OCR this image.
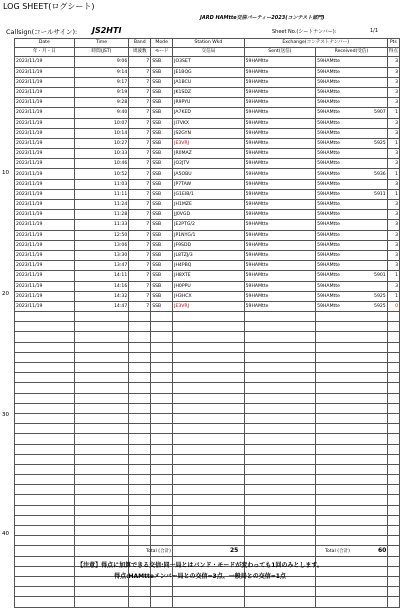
LOG SHEET(ログシート)
JARD HAMtte交信パーティー2023(コンテスト部門)
Callsign(コールサイン): JS2HTI	Sheet No.(シートナンバー):	1/1
Date	Time	Band	Mode	Station Wkd	Exchange(コンテストナンバー)		Pts
年・月・日	時間(JST)	周波数	モード	交信局	Sent(送信)	Received(受信)	得点
2023/11/19	9:06	7	SSB	JO3SET	59HAMtte	59HAMtte	3
2023/11/19	9:14	7	SSB	JE1BQG	59HAMtte	59HAMtte	3
2023/11/19	9:17	7	SSB	JA1BCU	59HAMtte	59HAMtte	3
2023/11/19	9:19	7	SSB	JK1SDZ	59HAMtte	59HAMtte	3
2023/11/19	9:28	7	SSB	JR9PYU	59HAMtte	59HAMtte	3
2023/11/19	9:40	7	SSB	JA7KED	59HAMtte	59HAMtte 5907	1
2023/11/19	10:07	7	SSB	JI7VKX	59HAMtte	59HAMtte	3
2023/11/19	10:14	7	SSB	JS2GYN	59HAMtte	59HAMtte	3
2023/11/19	10:27	7	SSB	JE3VRJ	59HAMtte	59HAMtte 5925	1
2023/11/19	10:33	7	SSB	JR0MAZ	59HAMtte	59HAMtte	3
2023/11/19	10:46	7	SSB	JO2JTV	59HAMtte	59HAMtte	3
2023/11/19	10:52	7	SSB	JA5OBU	59HAMtte	59HAMtte 5936	1
2023/11/19	11:03	7	SSB	JP7TAW	59HAMtte	59HAMtte	3
2023/11/19	11:11	7	SSB	JG1EIB/1	59HAMtte	59HAMtte 5911	1
2023/11/19	11:24	7	SSB	JH1MZE	59HAMtte	59HAMtte	3
2023/11/19	11:28	7	SSB	JJ0VGD	59HAMtte	59HAMtte	3
2023/11/19	11:33	7	SSB	JE2PTG/2	59HAMtte	59HAMtte	3
2023/11/19	12:50	7	SSB	JP1NYG/1	59HAMtte	59HAMtte	3
2023/11/19	13:06	7	SSB	JF9SDD	59HAMtte	59HAMtte	3
2023/11/19	13:30	7	SSB	JL8TZJ/3	59HAMtte	59HAMtte	3
2023/11/19	13:47	7	SSB	JH4PBQ	59HAMtte	59HAMtte	3
2023/11/19	14:11	7	SSB	JH8XTE	59HAMtte	59HAMtte 5901	1
2023/11/19	14:16	7	SSB	JH0PPU	59HAMtte	59HAMtte	3
2023/11/19	14:32	7	SSB	JH3HCX	59HAMtte	59HAMtte 5925	1
2023/11/19	14:47	7	SSB	JE3VRJ	59HAMtte	59HAMtte 5925	0

10
20
30
40
Total (合計)	25	Total (合計)	60
【注意】得点に加算できる交信:同一局とはバンド・モードが変わっても1回のみとします。
得点:HAMtteメンバー局との交信=3点、一般局との交信=1点
